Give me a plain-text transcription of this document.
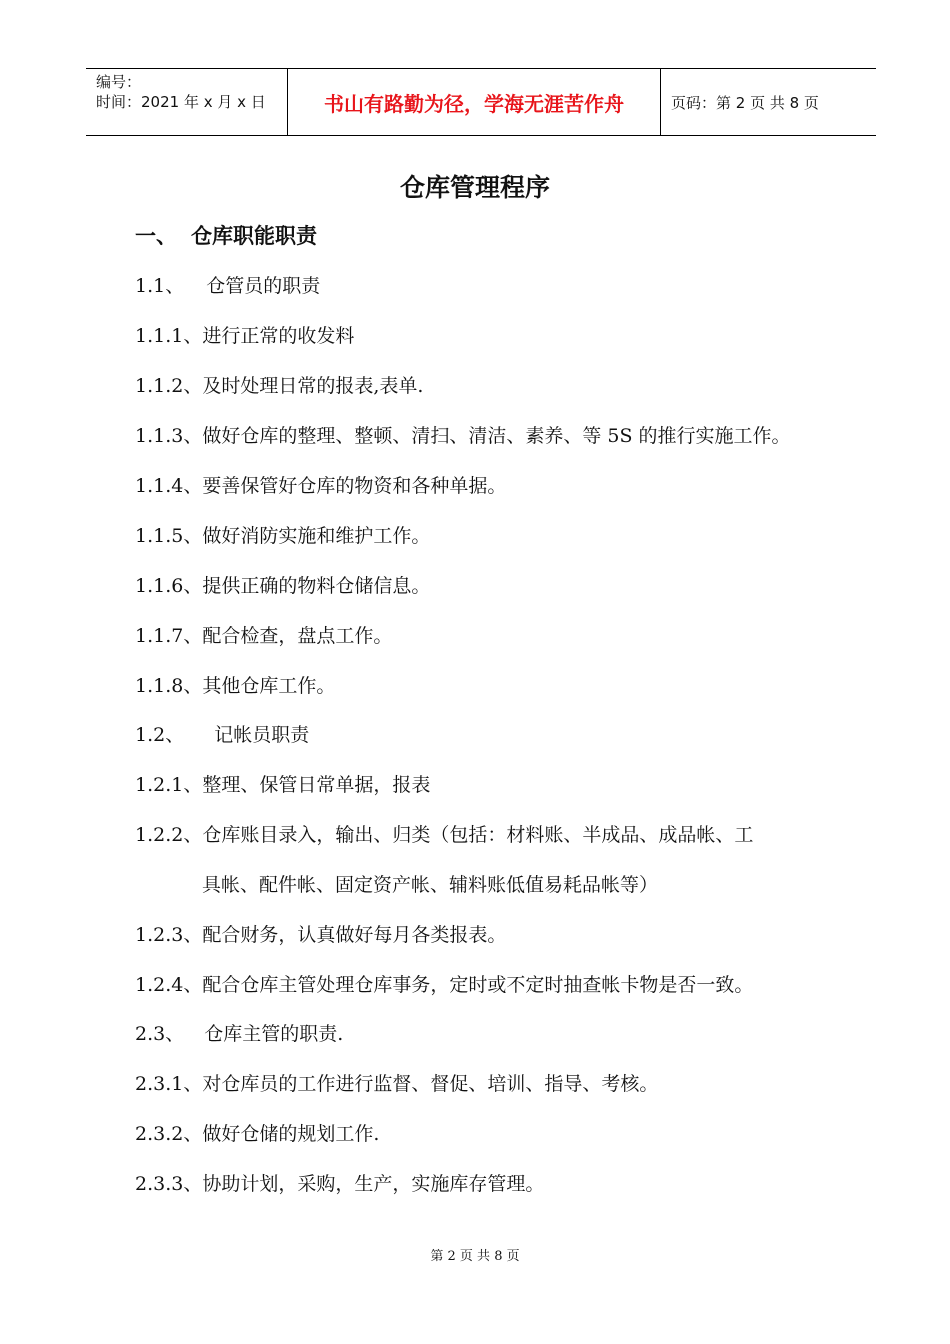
编号：
时间：2021 年 x 月 x 日	书山有路勤为径，学海无涯苦作舟	页码：第 2 页 共 8 页
仓库管理程序
一、 仓库职能职责
1.1、 仓管员的职责
1.1.1、进行正常的收发料
1.1.2、及时处理日常的报表,表单.
1.1.3、做好仓库的整理、整顿、清扫、清洁、素养、等 5S 的推行实施工作。
1.1.4、要善保管好仓库的物资和各种单据。
1.1.5、做好消防实施和维护工作。
1.1.6、提供正确的物料仓储信息。
1.1.7、配合检查，盘点工作。
1.1.8、其他仓库工作。
1.2、 记帐员职责
1.2.1、整理、保管日常单据，报表
1.2.2、仓库账目录入，输出、归类（包括：材料账、半成品、成品帐、工
具帐、配件帐、固定资产帐、辅料账低值易耗品帐等）
1.2.3、配合财务，认真做好每月各类报表。
1.2.4、配合仓库主管处理仓库事务，定时或不定时抽查帐卡物是否一致。
2.3、 仓库主管的职责.
2.3.1、对仓库员的工作进行监督、督促、培训、指导、考核。
2.3.2、做好仓储的规划工作.
2.3.3、协助计划，采购，生产，实施库存管理。
第 2 页 共 8 页
